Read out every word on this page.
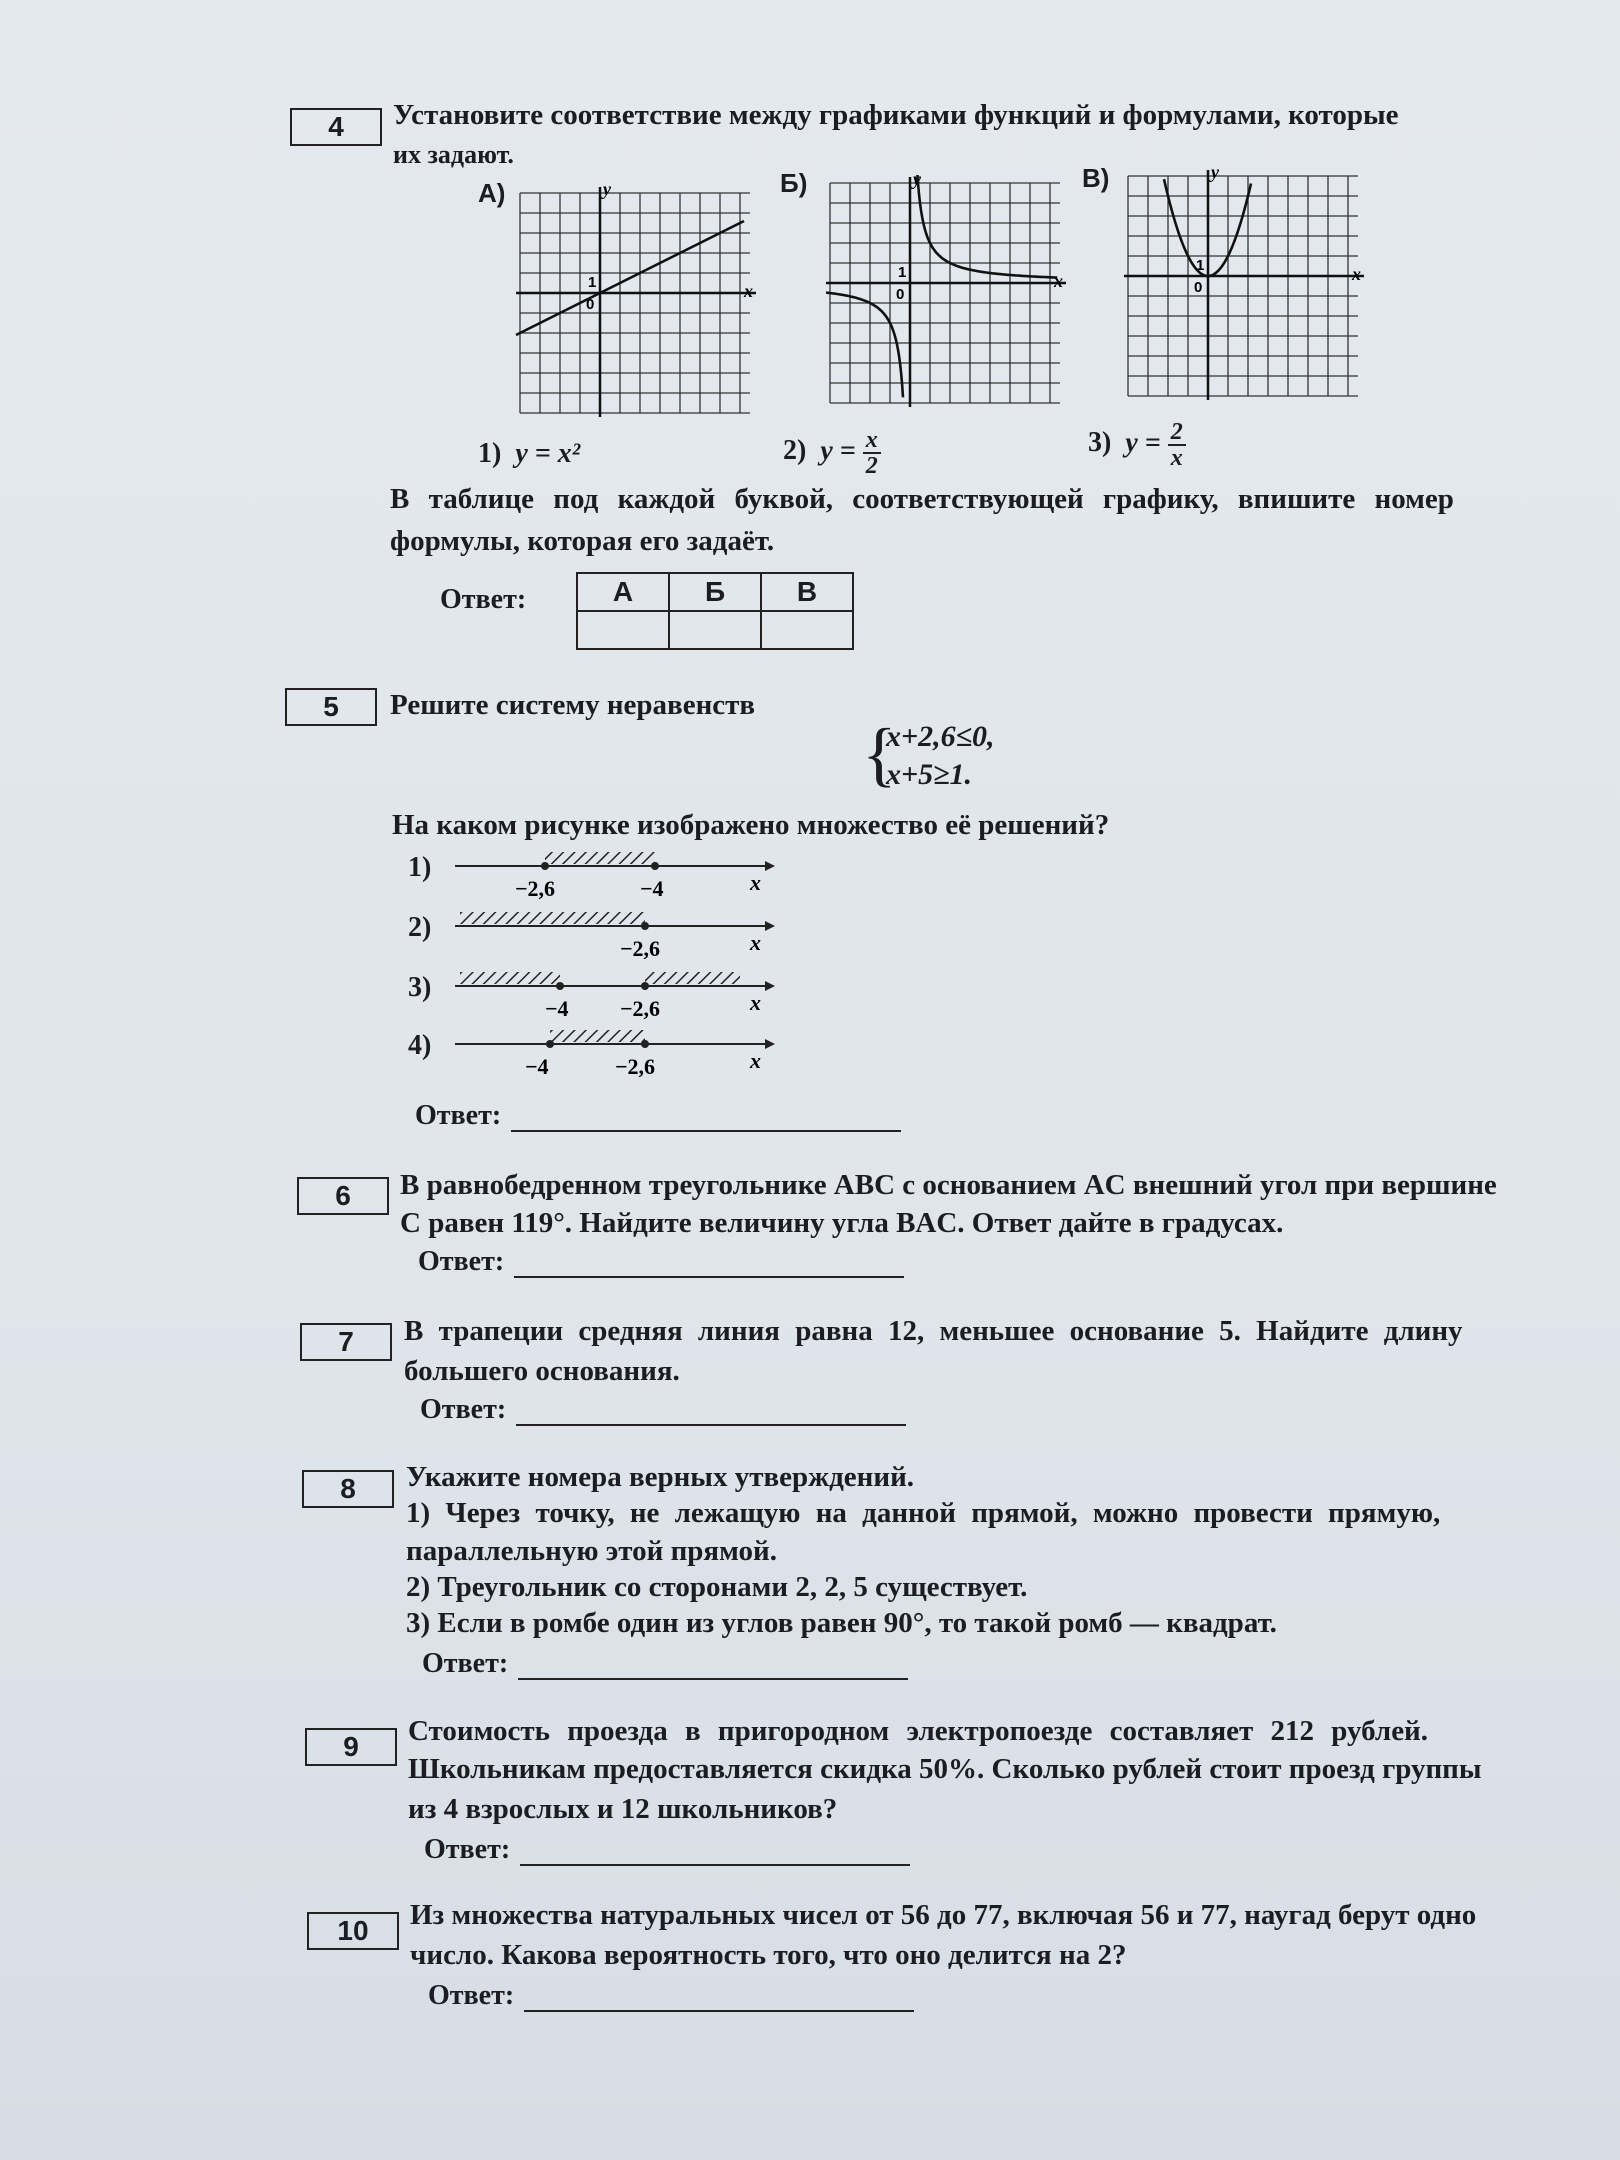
4	Установите соответствие между графиками функций и формулами, которые
их задают.
А)	Б)	В)
x
y
0
1	x
y
0
1	x
y
0
1
1) y = x²	2) $y = \frac{x}{2}$	3) $y = \frac{2}{x}$
В таблице под каждой буквой, соответствующей графику, впишите номер
формулы, которая его задаёт.
Ответ:	А	Б	В

5	Решите систему неравенств
{
x+2,6≤0,
x+5≥1.
На каком рисунке изображено множество её решений?
1)
2)
3)
4)
−2,6	−4	x
−2,6	x
−4 −2,6	x
−4	−2,6	x
Ответ:
6	В равнобедренном треугольнике ABC с основанием AC внешний угол при вершине
C равен 119°. Найдите величину угла BAC. Ответ дайте в градусах.
Ответ:
7	В трапеции средняя линия равна 12, меньшее основание 5. Найдите длину
большего основания.
Ответ:
8	Укажите номера верных утверждений.
1) Через точку, не лежащую на данной прямой, можно провести прямую,
параллельную этой прямой.
2) Треугольник со сторонами 2, 2, 5 существует.
3) Если в ромбе один из углов равен 90°, то такой ромб — квадрат.
Ответ:
9	Стоимость проезда в пригородном электропоезде составляет 212 рублей.
Школьникам предоставляется скидка 50%. Сколько рублей стоит проезд группы
из 4 взрослых и 12 школьников?
Ответ:
10	Из множества натуральных чисел от 56 до 77, включая 56 и 77, наугад берут одно
число. Какова вероятность того, что оно делится на 2?
Ответ:
